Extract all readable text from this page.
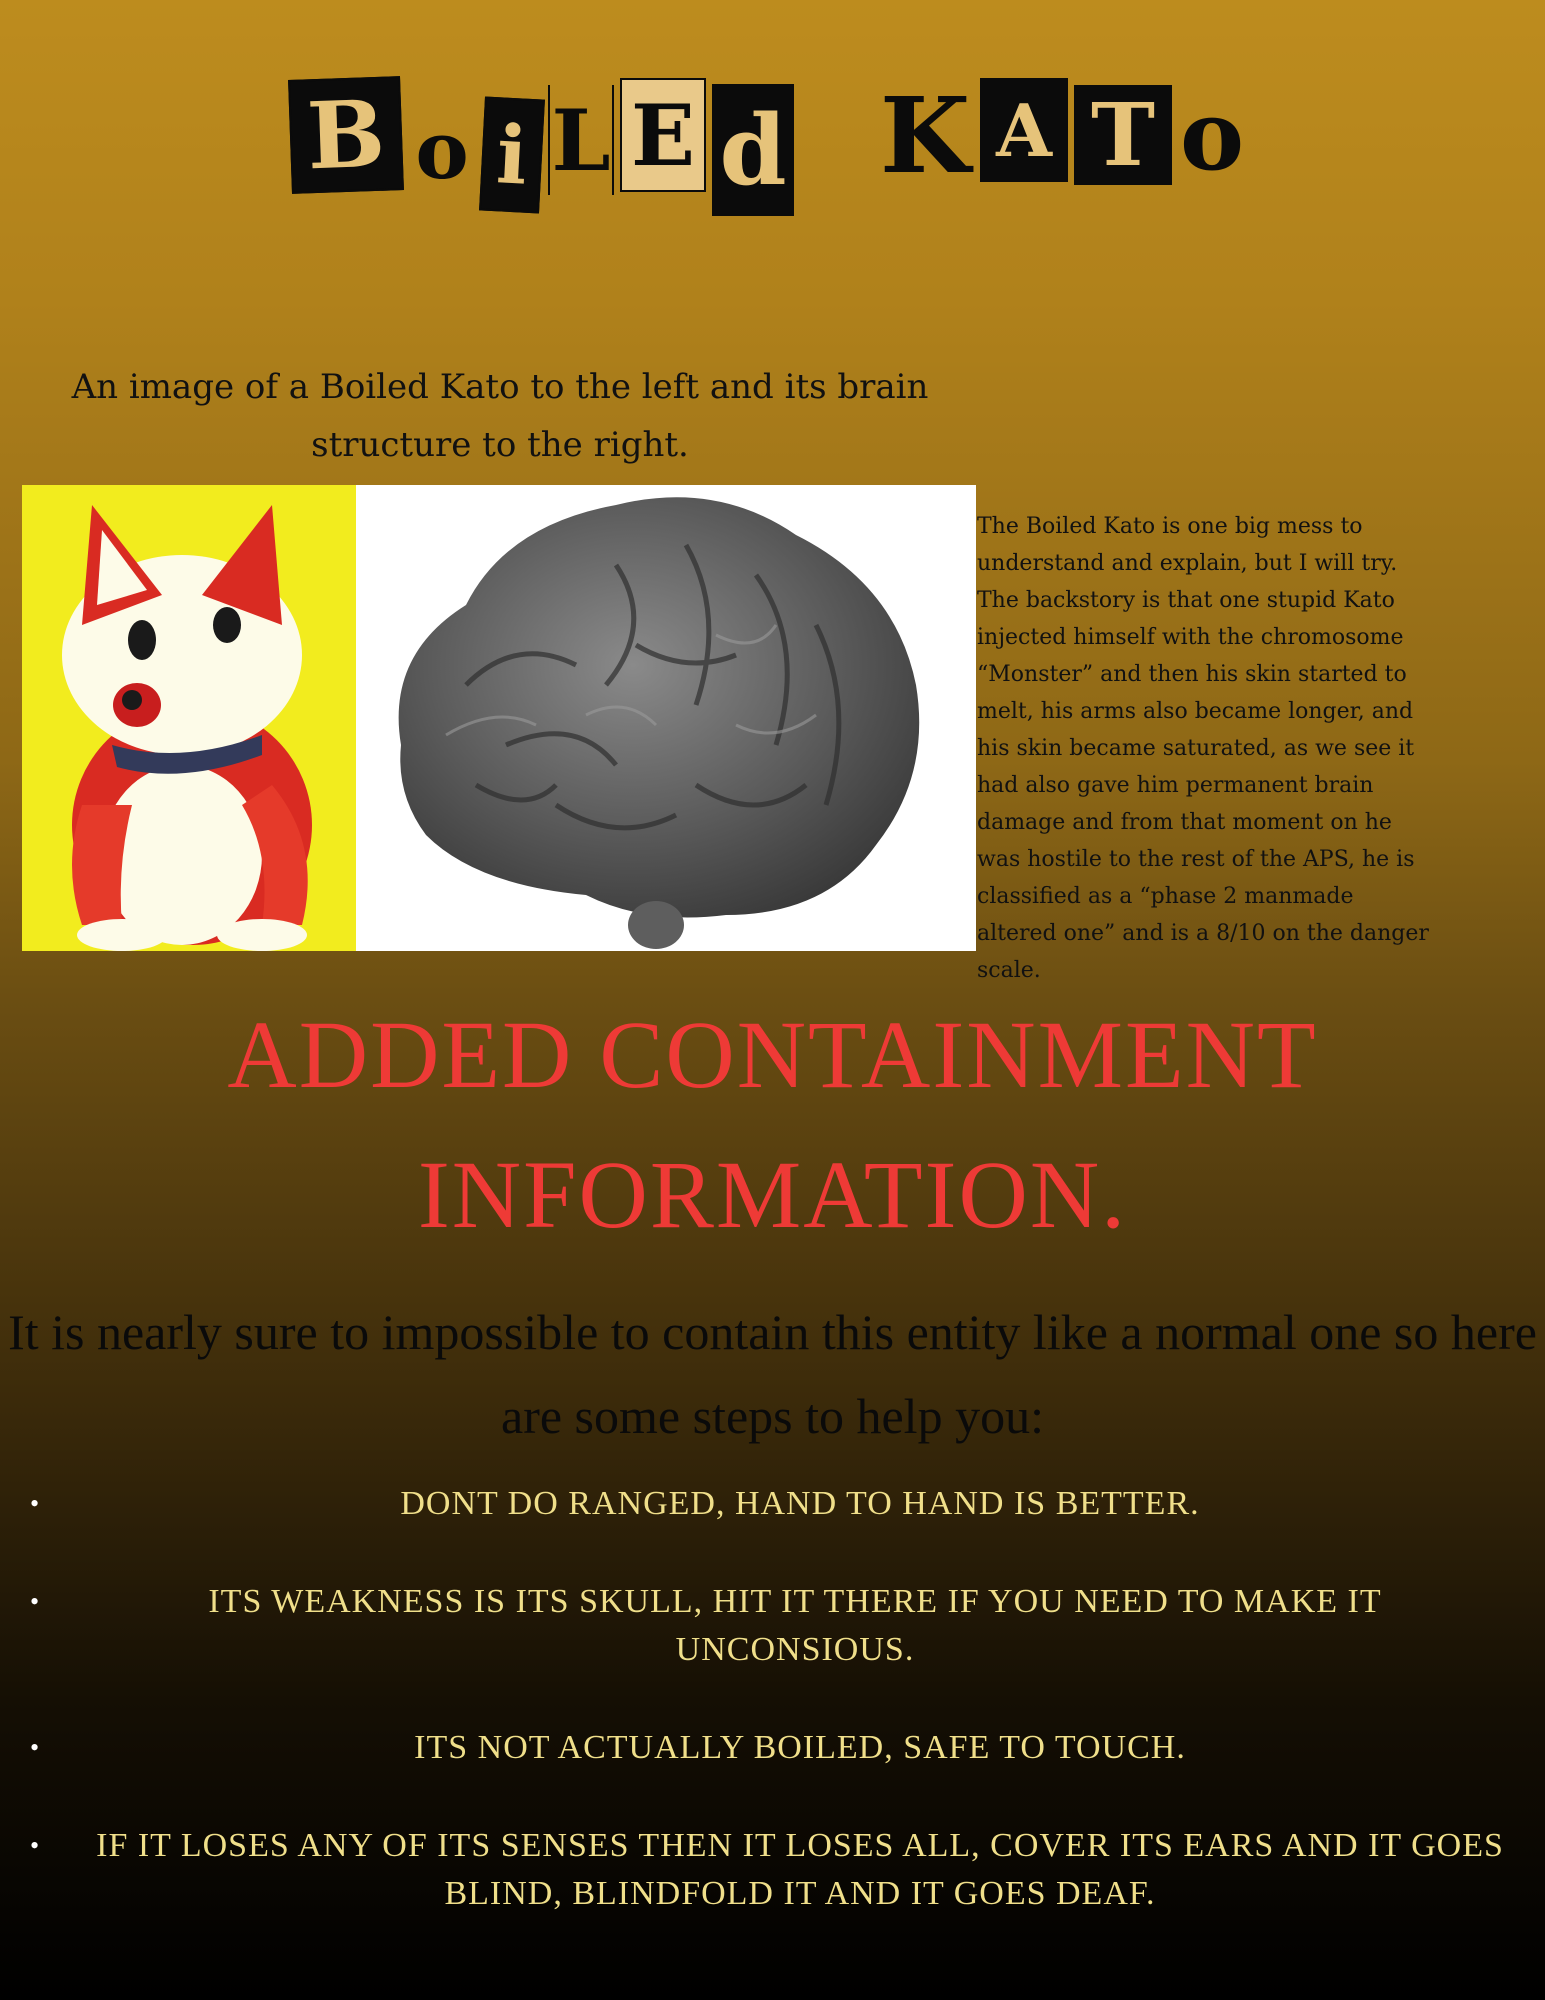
B o i L E d K A T o
An image of a Boiled Kato to the left and its brain structure to the right.
The Boiled Kato is one big mess to understand and explain, but I will try. The backstory is that one stupid Kato injected himself with the chromosome “Monster” and then his skin started to melt, his arms also became longer, and his skin became saturated, as we see it had also gave him permanent brain damage and from that moment on he was hostile to the rest of the APS, he is classified as a “phase 2 manmade altered one” and is a 8/10 on the danger scale.
ADDED CONTAINMENT
INFORMATION.
It is nearly sure to impossible to contain this entity like a normal one so here are some steps to help you:
•	DONT DO RANGED, HAND TO HAND IS BETTER.
•	ITS WEAKNESS IS ITS SKULL, HIT IT THERE IF YOU NEED TO MAKE IT UNCONSIOUS.
•	ITS NOT ACTUALLY BOILED, SAFE TO TOUCH.
• IF IT LOSES ANY OF ITS SENSES THEN IT LOSES ALL, COVER ITS EARS AND IT GOES BLIND, BLINDFOLD IT AND IT GOES DEAF.
